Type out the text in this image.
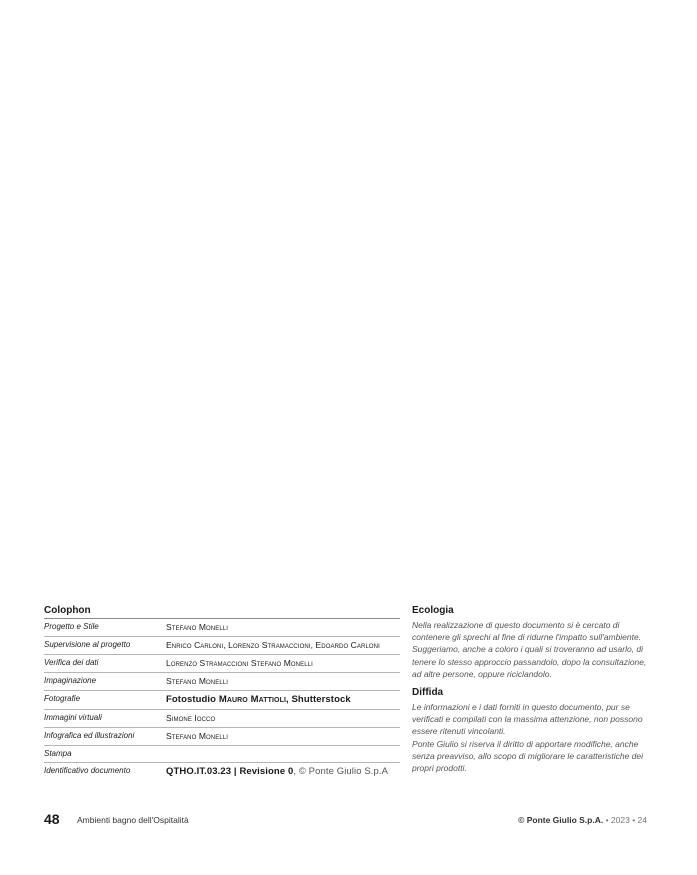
Colophon
Progetto e Stile	Stefano Monelli
Supervisione al progetto	Enrico Carloni, Lorenzo Stramaccioni, Edoardo Carloni
Verifica dei dati	Lorenzo Stramaccioni Stefano Monelli
Impaginazione	Stefano Monelli
Fotografie	Fotostudio Mauro Mattioli, Shutterstock
Immagini virtuali	Simone Iocco
Infografica ed illustrazioni	Stefano Monelli
Stampa	
Identificativo documento	QTHO.IT.03.23 | Revisione 0, © Ponte Giulio S.p.A
Ecologia

Nella realizzazione di questo documento si è cercato di contenere gli sprechi al fine di ridurne l'impatto sull'ambiente. Suggeriamo, anche a coloro i quali si troveranno ad usarlo, di tenere lo stesso approccio passandolo, dopo la consultazione, ad altre persone, oppure riciclandolo.

Diffida

Le informazioni e i dati forniti in questo documento, pur se verificati e compilati con la massima attenzione, non possono essere ritenuti vincolanti.

Ponte Giulio si riserva il diritto di apportare modifiche, anche senza preavviso, allo scopo di migliorare le caratteristiche dei propri prodotti.

48 Ambienti bagno dell'Ospitalità	© Ponte Giulio S.p.A. • 2023 • 24
